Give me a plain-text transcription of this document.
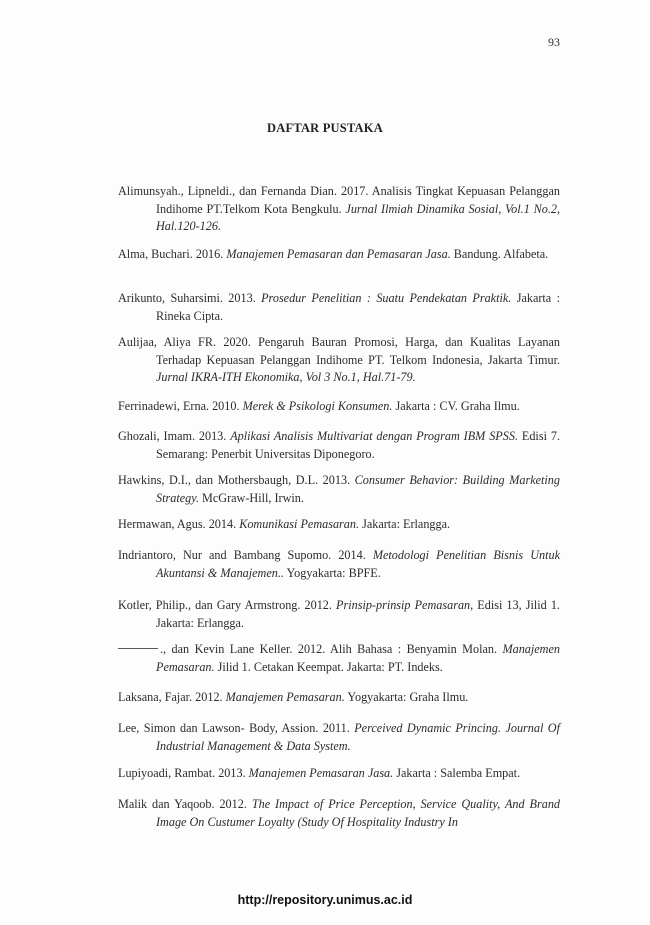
93
DAFTAR PUSTAKA
Alimunsyah., Lipneldi., dan Fernanda Dian. 2017. Analisis Tingkat Kepuasan Pelanggan Indihome PT.Telkom Kota Bengkulu. Jurnal Ilmiah Dinamika Sosial, Vol.1 No.2, Hal.120-126.
Alma, Buchari. 2016. Manajemen Pemasaran dan Pemasaran Jasa. Bandung. Alfabeta.
Arikunto, Suharsimi. 2013. Prosedur Penelitian : Suatu Pendekatan Praktik. Jakarta : Rineka Cipta.
Aulijaa, Aliya FR. 2020. Pengaruh Bauran Promosi, Harga, dan Kualitas Layanan Terhadap Kepuasan Pelanggan Indihome PT. Telkom Indonesia, Jakarta Timur. Jurnal IKRA-ITH Ekonomika, Vol 3 No.1, Hal.71-79.
Ferrinadewi, Erna. 2010. Merek & Psikologi Konsumen. Jakarta : CV. Graha Ilmu.
Ghozali, Imam. 2013. Aplikasi Analisis Multivariat dengan Program IBM SPSS. Edisi 7. Semarang: Penerbit Universitas Diponegoro.
Hawkins, D.I., dan Mothersbaugh, D.L. 2013. Consumer Behavior: Building Marketing Strategy. McGraw-Hill, Irwin.
Hermawan, Agus. 2014. Komunikasi Pemasaran. Jakarta: Erlangga.
Indriantoro, Nur and Bambang Supomo. 2014. Metodologi Penelitian Bisnis Untuk Akuntansi & Manajemen.. Yogyakarta: BPFE.
Kotler, Philip., dan Gary Armstrong. 2012. Prinsip-prinsip Pemasaran, Edisi 13, Jilid 1. Jakarta: Erlangga.
., dan Kevin Lane Keller. 2012. Alih Bahasa : Benyamin Molan. Manajemen Pemasaran. Jilid 1. Cetakan Keempat. Jakarta: PT. Indeks.
Laksana, Fajar. 2012. Manajemen Pemasaran. Yogyakarta: Graha Ilmu.
Lee, Simon dan Lawson- Body, Assion. 2011. Perceived Dynamic Princing. Journal Of Industrial Management & Data System.
Lupiyoadi, Rambat. 2013. Manajemen Pemasaran Jasa. Jakarta : Salemba Empat.
Malik dan Yaqoob. 2012. The Impact of Price Perception, Service Quality, And Brand Image On Custumer Loyalty (Study Of Hospitality Industry In
http://repository.unimus.ac.id
